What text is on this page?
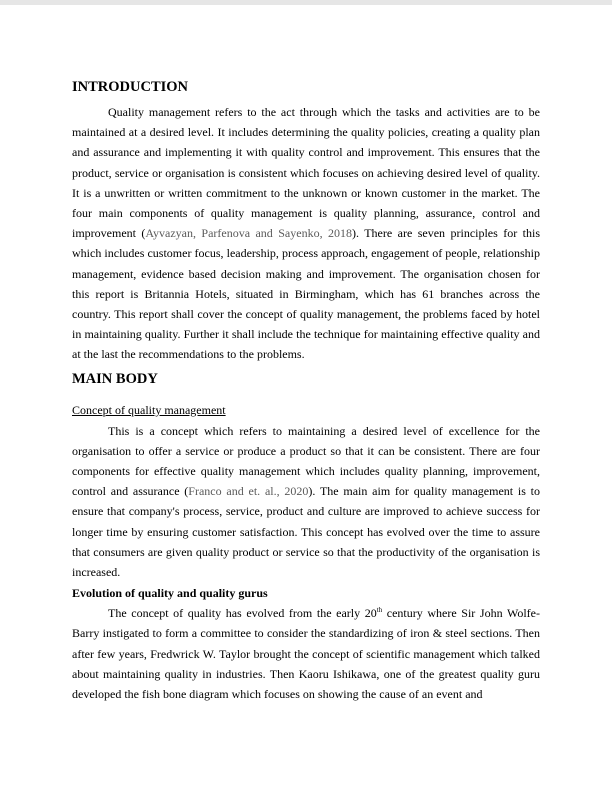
INTRODUCTION

Quality management refers to the act through which the tasks and activities are to be maintained at a desired level. It includes determining the quality policies, creating a quality plan and assurance and implementing it with quality control and improvement. This ensures that the product, service or organisation is consistent which focuses on achieving desired level of quality. It is a unwritten or written commitment to the unknown or known customer in the market. The four main components of quality management is quality planning, assurance, control and improvement (Ayvazyan, Parfenova and Sayenko, 2018). There are seven principles for this which includes customer focus, leadership, process approach, engagement of people, relationship management, evidence based decision making and improvement. The organisation chosen for this report is Britannia Hotels, situated in Birmingham, which has 61 branches across the country. This report shall cover the concept of quality management, the problems faced by hotel in maintaining quality. Further it shall include the technique for maintaining effective quality and at the last the recommendations to the problems.

MAIN BODY
Concept of quality management

This is a concept which refers to maintaining a desired level of excellence for the organisation to offer a service or produce a product so that it can be consistent. There are four components for effective quality management which includes quality planning, improvement, control and assurance (Franco and et. al., 2020). The main aim for quality management is to ensure that company's process, service, product and culture are improved to achieve success for longer time by ensuring customer satisfaction. This concept has evolved over the time to assure that consumers are given quality product or service so that the productivity of the organisation is increased.

Evolution of quality and quality gurus

The concept of quality has evolved from the early 20th century where Sir John Wolfe-Barry instigated to form a committee to consider the standardizing of iron & steel sections. Then after few years, Fredwrick W. Taylor brought the concept of scientific management which talked about maintaining quality in industries. Then Kaoru Ishikawa, one of the greatest quality guru developed the fish bone diagram which focuses on showing the cause of an event and
